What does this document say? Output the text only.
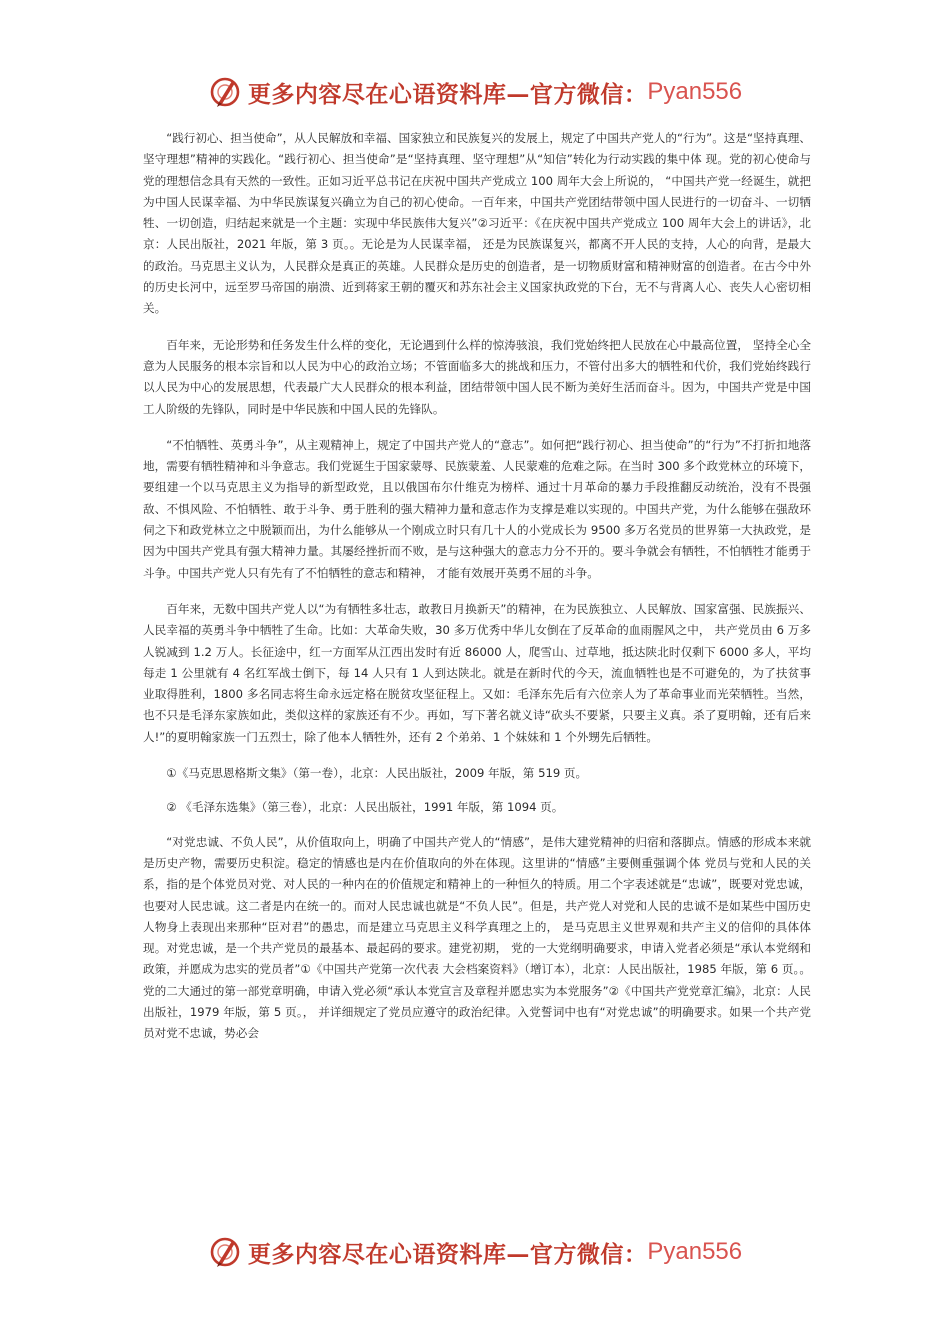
更多内容尽在心语资料库—官方微信： Pyan556

“践行初心、担当使命”，从人民解放和幸福、国家独立和民族复兴的发展上，规定了中国共产党人的“行为”。这是“坚持真理、坚守理想”精神的实践化。“践行初心、担当使命”是“坚持真理、坚守理想”从“知信”转化为行动实践的集中体 现。党的初心使命与党的理想信念具有天然的一致性。正如习近平总书记在庆祝中国共产党成立 100 周年大会上所说的， “中国共产党一经诞生，就把为中国人民谋幸福、为中华民族谋复兴确立为自己的初心使命。一百年来，中国共产党团结带领中国人民进行的一切奋斗、一切牺牲、一切创造，归结起来就是一个主题：实现中华民族伟大复兴”②习近平：《在庆祝中国共产党成立 100 周年大会上的讲话》，北京：人民出版社，2021 年版，第 3 页。。无论是为人民谋幸福， 还是为民族谋复兴，都离不开人民的支持，人心的向背，是最大的政治。马克思主义认为，人民群众是真正的英雄。人民群众是历史的创造者，是一切物质财富和精神财富的创造者。在古今中外的历史长河中，远至罗马帝国的崩溃、近到蒋家王朝的覆灭和苏东社会主义国家执政党的下台，无不与背离人心、丧失人心密切相关。

百年来，无论形势和任务发生什么样的变化，无论遇到什么样的惊涛骇浪，我们党始终把人民放在心中最高位置， 坚持全心全意为人民服务的根本宗旨和以人民为中心的政治立场；不管面临多大的挑战和压力，不管付出多大的牺牲和代价，我们党始终践行以人民为中心的发展思想，代表最广大人民群众的根本利益，团结带领中国人民不断为美好生活而奋斗。因为，中国共产党是中国工人阶级的先锋队，同时是中华民族和中国人民的先锋队。

“不怕牺牲、英勇斗争”，从主观精神上，规定了中国共产党人的“意志”。如何把“践行初心、担当使命”的“行为”不打折扣地落地，需要有牺牲精神和斗争意志。我们党诞生于国家蒙辱、民族蒙羞、人民蒙难的危难之际。在当时 300 多个政党林立的环境下，要组建一个以马克思主义为指导的新型政党，且以俄国布尔什维克为榜样、通过十月革命的暴力手段推翻反动统治，没有不畏强敌、不惧风险、不怕牺牲、敢于斗争、勇于胜利的强大精神力量和意志作为支撑是难以实现的。中国共产党，为什么能够在强敌环伺之下和政党林立之中脱颖而出，为什么能够从一个刚成立时只有几十人的小党成长为 9500 多万名党员的世界第一大执政党，是因为中国共产党具有强大精神力量。其屡经挫折而不败，是与这种强大的意志力分不开的。要斗争就会有牺牲，不怕牺牲才能勇于斗争。中国共产党人只有先有了不怕牺牲的意志和精神， 才能有效展开英勇不屈的斗争。

百年来，无数中国共产党人以“为有牺牲多壮志，敢教日月换新天”的精神，在为民族独立、人民解放、国家富强、民族振兴、人民幸福的英勇斗争中牺牲了生命。比如：大革命失败，30 多万优秀中华儿女倒在了反革命的血雨腥风之中， 共产党员由 6 万多人锐减到 1.2 万人。长征途中，红一方面军从江西出发时有近 86000 人，爬雪山、过草地，抵达陕北时仅剩下 6000 多人，平均每走 1 公里就有 4 名红军战士倒下，每 14 人只有 1 人到达陕北。就是在新时代的今天，流血牺牲也是不可避免的，为了扶贫事业取得胜利，1800 多名同志将生命永远定格在脱贫攻坚征程上。又如：毛泽东先后有六位亲人为了革命事业而光荣牺牲。当然，也不只是毛泽东家族如此，类似这样的家族还有不少。再如，写下著名就义诗“砍头不要紧，只要主义真。杀了夏明翰，还有后来人!”的夏明翰家族一门五烈士，除了他本人牺牲外，还有 2 个弟弟、1 个妹妹和 1 个外甥先后牺牲。

①《马克思恩格斯文集》（第一卷），北京：人民出版社，2009 年版，第 519 页。

② 《毛泽东选集》（第三卷），北京：人民出版社，1991 年版，第 1094 页。

“对党忠诚、不负人民”，从价值取向上，明确了中国共产党人的“情感”，是伟大建党精神的归宿和落脚点。情感的形成本来就是历史产物，需要历史积淀。稳定的情感也是内在价值取向的外在体现。这里讲的“情感”主要侧重强调个体 党员与党和人民的关系，指的是个体党员对党、对人民的一种内在的价值规定和精神上的一种恒久的特质。用二个字表述就是“忠诚”，既要对党忠诚，也要对人民忠诚。这二者是内在统一的。而对人民忠诚也就是“不负人民”。但是，共产党人对党和人民的忠诚不是如某些中国历史人物身上表现出来那种“臣对君”的愚忠，而是建立马克思主义科学真理之上的， 是马克思主义世界观和共产主义的信仰的具体体现。对党忠诚，是一个共产党员的最基本、最起码的要求。建党初期， 党的一大党纲明确要求，申请入党者必须是“承认本党纲和政策，并愿成为忠实的党员者”①《中国共产党第一次代表 大会档案资料》（增订本），北京：人民出版社，1985 年版，第 6 页。。党的二大通过的第一部党章明确，申请入党必须“承认本党宣言及章程并愿忠实为本党服务”②《中国共产党党章汇编》，北京：人民出版社，1979 年版，第 5 页。， 并详细规定了党员应遵守的政治纪律。入党誓词中也有“对党忠诚”的明确要求。如果一个共产党员对党不忠诚，势必会

更多内容尽在心语资料库—官方微信： Pyan556
